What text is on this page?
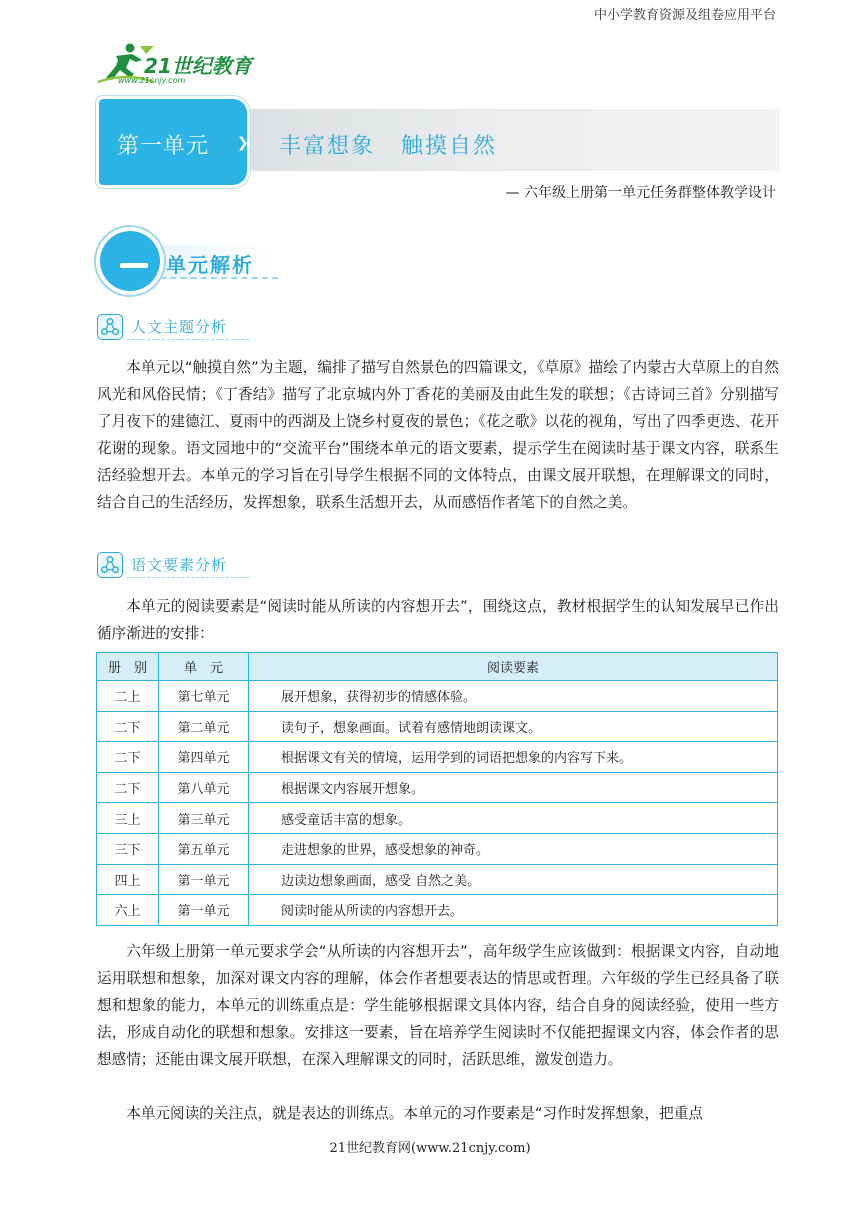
中小学教育资源及组卷应用平台
21世纪教育
www.21cnjy.com
第一单元 ❯ 丰富想象 触摸自然
— 六年级上册第一单元任务群整体教学设计
单元解析
人文主题分析
本单元以“触摸自然”为主题，编排了描写自然景色的四篇课文，《草原》描绘了内蒙古大草原上的自然风光和风俗民情；《丁香结》描写了北京城内外丁香花的美丽及由此生发的联想；《古诗词三首》分别描写了月夜下的建德江、夏雨中的西湖及上饶乡村夏夜的景色；《花之歌》以花的视角，写出了四季更迭、花开花谢的现象。语文园地中的“交流平台”围绕本单元的语文要素，提示学生在阅读时基于课文内容，联系生活经验想开去。本单元的学习旨在引导学生根据不同的文体特点，由课文展开联想，在理解课文的同时，结合自己的生活经历，发挥想象，联系生活想开去，从而感悟作者笔下的自然之美。
语文要素分析
本单元的阅读要素是“阅读时能从所读的内容想开去”，围绕这点，教材根据学生的认知发展早已作出循序渐进的安排：
册　别	单　元	阅读要素
二上	第七单元	展开想象，获得初步的情感体验。
二下	第二单元	读句子，想象画面。试着有感情地朗读课文。
二下	第四单元	根据课文有关的情境，运用学到的词语把想象的内容写下来。
二下	第八单元	根据课文内容展开想象。
三上	第三单元	感受童话丰富的想象。
三下	第五单元	走进想象的世界，感受想象的神奇。
四上	第一单元	边读边想象画面，感受 自然之美。
六上	第一单元	阅读时能从所读的内容想开去。
六年级上册第一单元要求学会“从所读的内容想开去”，高年级学生应该做到：根据课文内容，自动地运用联想和想象，加深对课文内容的理解，体会作者想要表达的情思或哲理。六年级的学生已经具备了联想和想象的能力，本单元的训练重点是：学生能够根据课文具体内容，结合自身的阅读经验，使用一些方法，形成自动化的联想和想象。安排这一要素，旨在培养学生阅读时不仅能把握课文内容，体会作者的思想感情；还能由课文展开联想，在深入理解课文的同时，活跃思维，激发创造力。
本单元阅读的关注点，就是表达的训练点。本单元的习作要素是“习作时发挥想象，把重点
21世纪教育网(www.21cnjy.com)
